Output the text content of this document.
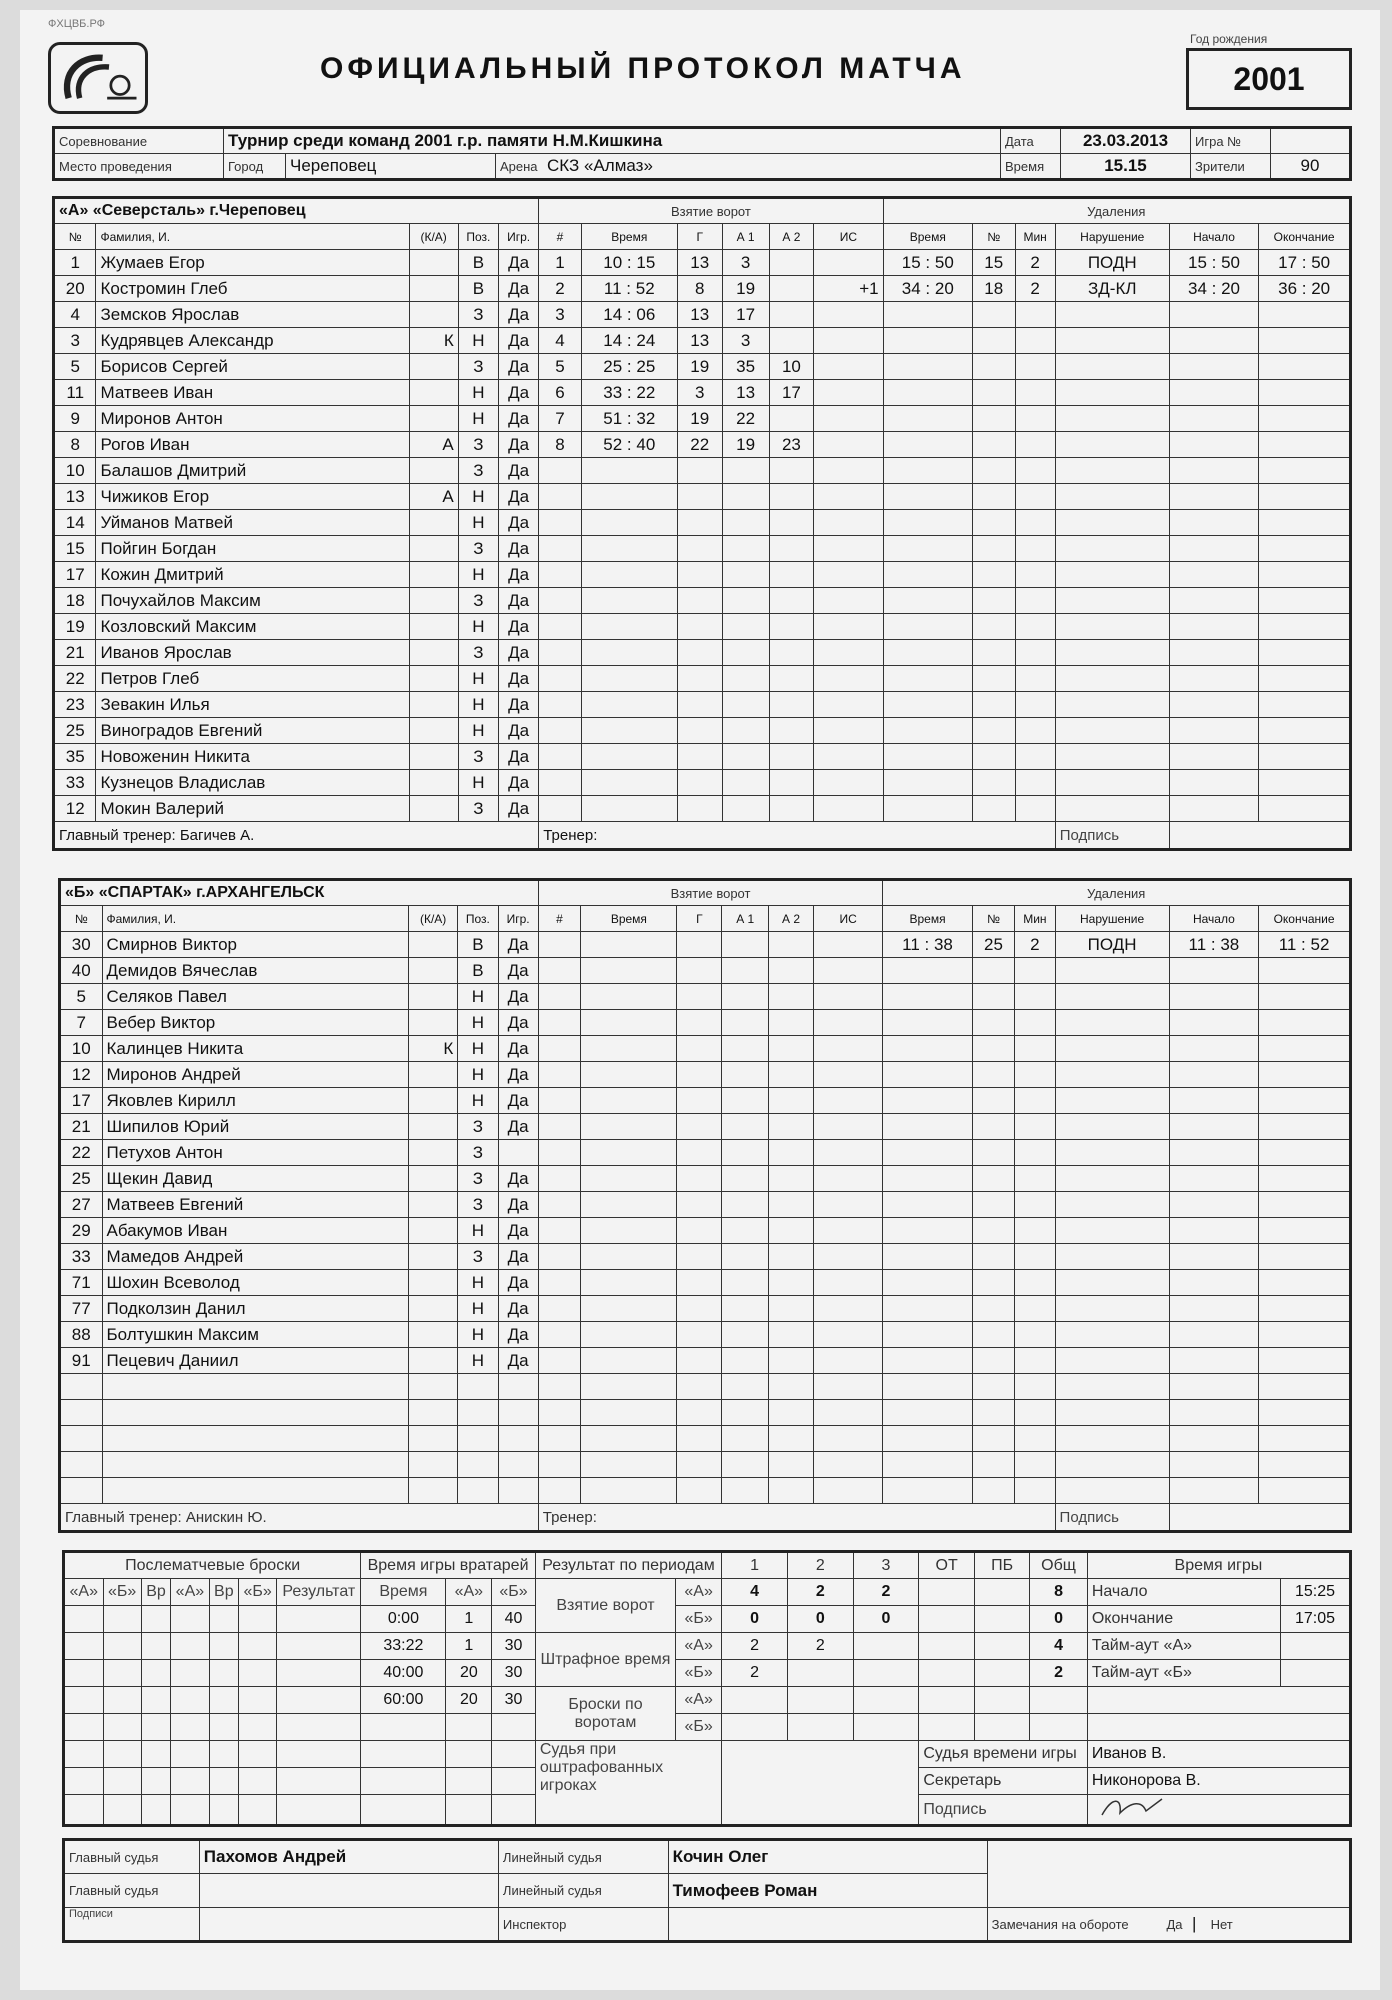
ФХЦВБ.РФ
ОФИЦИАЛЬНЫЙ ПРОТОКОЛ МАТЧА
Год рождения
2001
Соревнование	Турнир среди команд 2001 г.р. памяти Н.М.Кишкина			Дата	23.03.2013	Игра №	
Место проведения	Город	Череповец	Арена СКЗ «Алмаз»	Время	15.15	Зрители	90
«А» «Северсталь» г.Череповец					Взятие ворот						Удаления					
№	Фамилия, И.	(К/А)	Поз.	Игр.	#	Время	Г	А 1	А 2	ИС	Время	№	Мин	Нарушение	Начало	Окончание
1	Жумаев Егор		В	Да	1	10 : 15	13	3			15 : 50	15	2	ПОДН	15 : 50	17 : 50
20	Костромин Глеб		В	Да	2	11 : 52	8	19		+1	34 : 20	18	2	ЗД-КЛ	34 : 20	36 : 20
4	Земсков Ярослав		З	Да	3	14 : 06	13	17								
3	Кудрявцев Александр	К	Н	Да	4	14 : 24	13	3								
5	Борисов Сергей		З	Да	5	25 : 25	19	35	10							
11	Матвеев Иван		Н	Да	6	33 : 22	3	13	17							
9	Миронов Антон		Н	Да	7	51 : 32	19	22								
8	Рогов Иван	А	З	Да	8	52 : 40	22	19	23							
10	Балашов Дмитрий		З	Да												
13	Чижиков Егор	А	Н	Да												
14	Уйманов Матвей		Н	Да												
15	Пойгин Богдан		З	Да												
17	Кожин Дмитрий		Н	Да												
18	Почухайлов Максим		З	Да												
19	Козловский Максим		Н	Да												
21	Иванов Ярослав		З	Да												
22	Петров Глеб		Н	Да												
23	Зевакин Илья		Н	Да												
25	Виноградов Евгений		Н	Да												
35	Новоженин Никита		З	Да												
33	Кузнецов Владислав		Н	Да												
12	Мокин Валерий		З	Да												
Главный тренер: Багичев А.					Тренер:									Подпись		
«Б» «СПАРТАК» г.АРХАНГЕЛЬСК					Взятие ворот						Удаления					
№	Фамилия, И.	(К/А)	Поз.	Игр.	#	Время	Г	А 1	А 2	ИС	Время	№	Мин	Нарушение	Начало	Окончание
30	Смирнов Виктор		В	Да							11 : 38	25	2	ПОДН	11 : 38	11 : 52
40	Демидов Вячеслав		В	Да												
5	Селяков Павел		Н	Да												
7	Вебер Виктор		Н	Да												
10	Калинцев Никита	К	Н	Да												
12	Миронов Андрей		Н	Да												
17	Яковлев Кирилл		Н	Да												
21	Шипилов Юрий		З	Да												
22	Петухов Антон		З													
25	Щекин Давид		З	Да												
27	Матвеев Евгений		З	Да												
29	Абакумов Иван		Н	Да												
33	Мамедов Андрей		З	Да												
71	Шохин Всеволод		Н	Да												
77	Подколзин Данил		Н	Да												
88	Болтушкин Максим		Н	Да												
91	Пецевич Даниил		Н	Да												

Главный тренер: Анискин Ю.					Тренер:									Подпись		
Послематчевые броски							Время игры вратарей			Результат по периодам		1	2	3	ОТ	ПБ	Общ	Время игры	
«А»	«Б»	Вр	«А»	Вр	«Б»	Результат	Время	«А»	«Б»	Взятие ворот	«А»	4	2	2			8	Начало	15:25
							0:00	1	40		«Б»	0	0	0			0	Окончание	17:05
							33:22	1	30	Штрафное время	«А»	2	2				4	Тайм-аут «А»	
							40:00	20	30		«Б»	2					2	Тайм-аут «Б»	
							60:00	20	30	Броски по воротам	«А»								
											«Б»								
										Судья при оштрафованных игроках					Судья времени игры			Иванов В.	
															Секретарь			Никонорова В.	
															Подпись	
Главный судья	Пахомов Андрей	Линейный судья	Кочин Олег	
Главный судья		Линейный судья	Тимофеев Роман	
Подписи		Инспектор		Замечания на обороте Да  |   Нет
